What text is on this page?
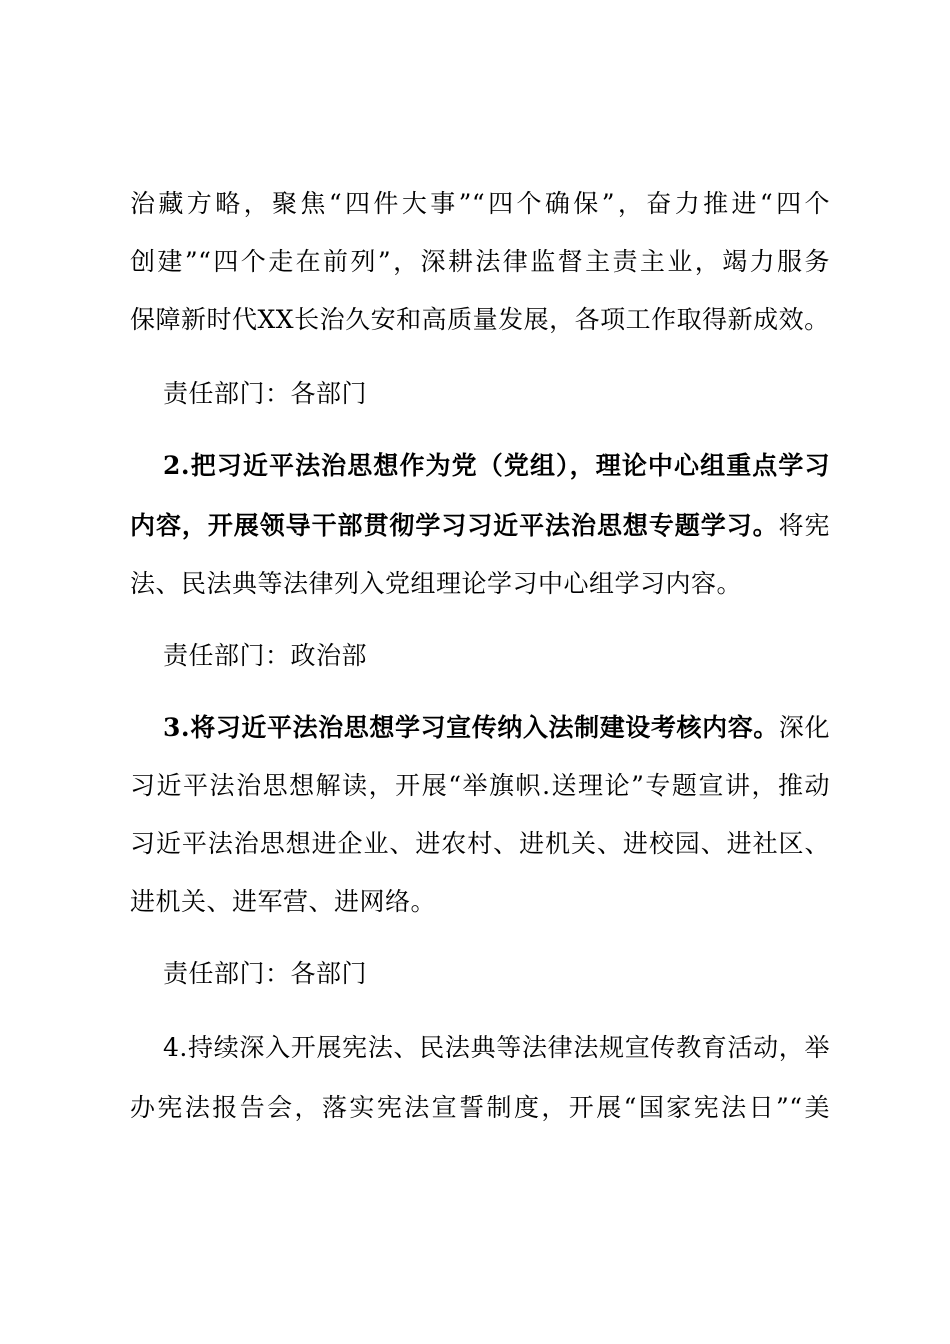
治藏方略，聚焦“四件大事”“四个确保”，奋力推进“四个
创建”“四个走在前列”，深耕法律监督主责主业，竭力服务
保障新时代XX长治久安和高质量发展，各项工作取得新成效。
责任部门：各部门
2.把习近平法治思想作为党（党组），理论中心组重点学习
内容，开展领导干部贯彻学习习近平法治思想专题学习。将宪
法、民法典等法律列入党组理论学习中心组学习内容。
责任部门：政治部
3.将习近平法治思想学习宣传纳入法制建设考核内容。深化
习近平法治思想解读，开展“举旗帜.送理论”专题宣讲，推动
习近平法治思想进企业、进农村、进机关、进校园、进社区、
进机关、进军营、进网络。
责任部门：各部门
4.持续深入开展宪法、民法典等法律法规宣传教育活动，举
办宪法报告会，落实宪法宣誓制度，开展“国家宪法日”“美
